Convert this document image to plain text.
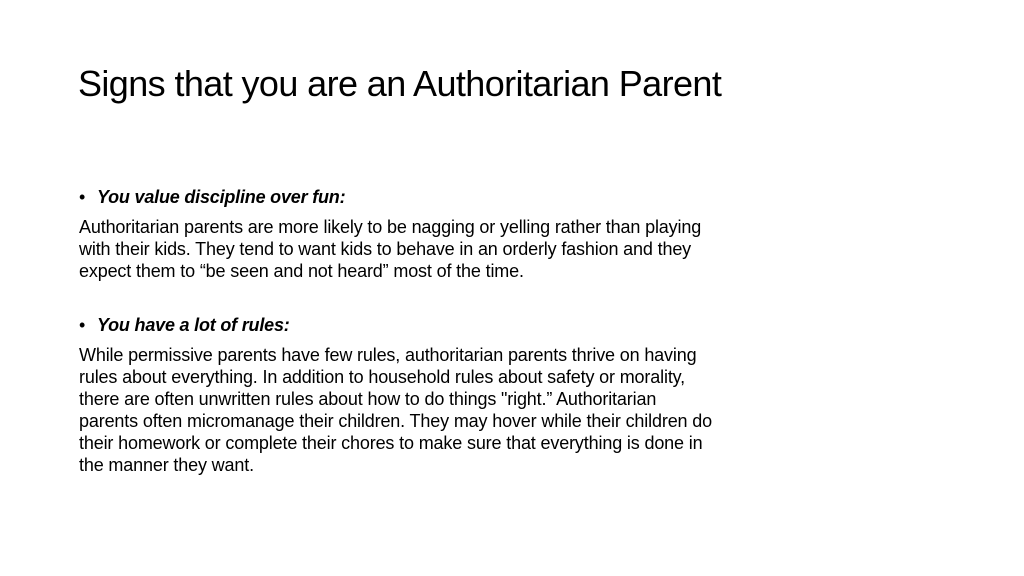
Signs that you are an Authoritarian Parent
• You value discipline over fun:

Authoritarian parents are more likely to be nagging or yelling rather than playing
with their kids. They tend to want kids to behave in an orderly fashion and they
expect them to “be seen and not heard” most of the time.

• You have a lot of rules:

While permissive parents have few rules, authoritarian parents thrive on having
rules about everything. In addition to household rules about safety or morality,
there are often unwritten rules about how to do things "right.” Authoritarian
parents often micromanage their children. They may hover while their children do
their homework or complete their chores to make sure that everything is done in
the manner they want.
